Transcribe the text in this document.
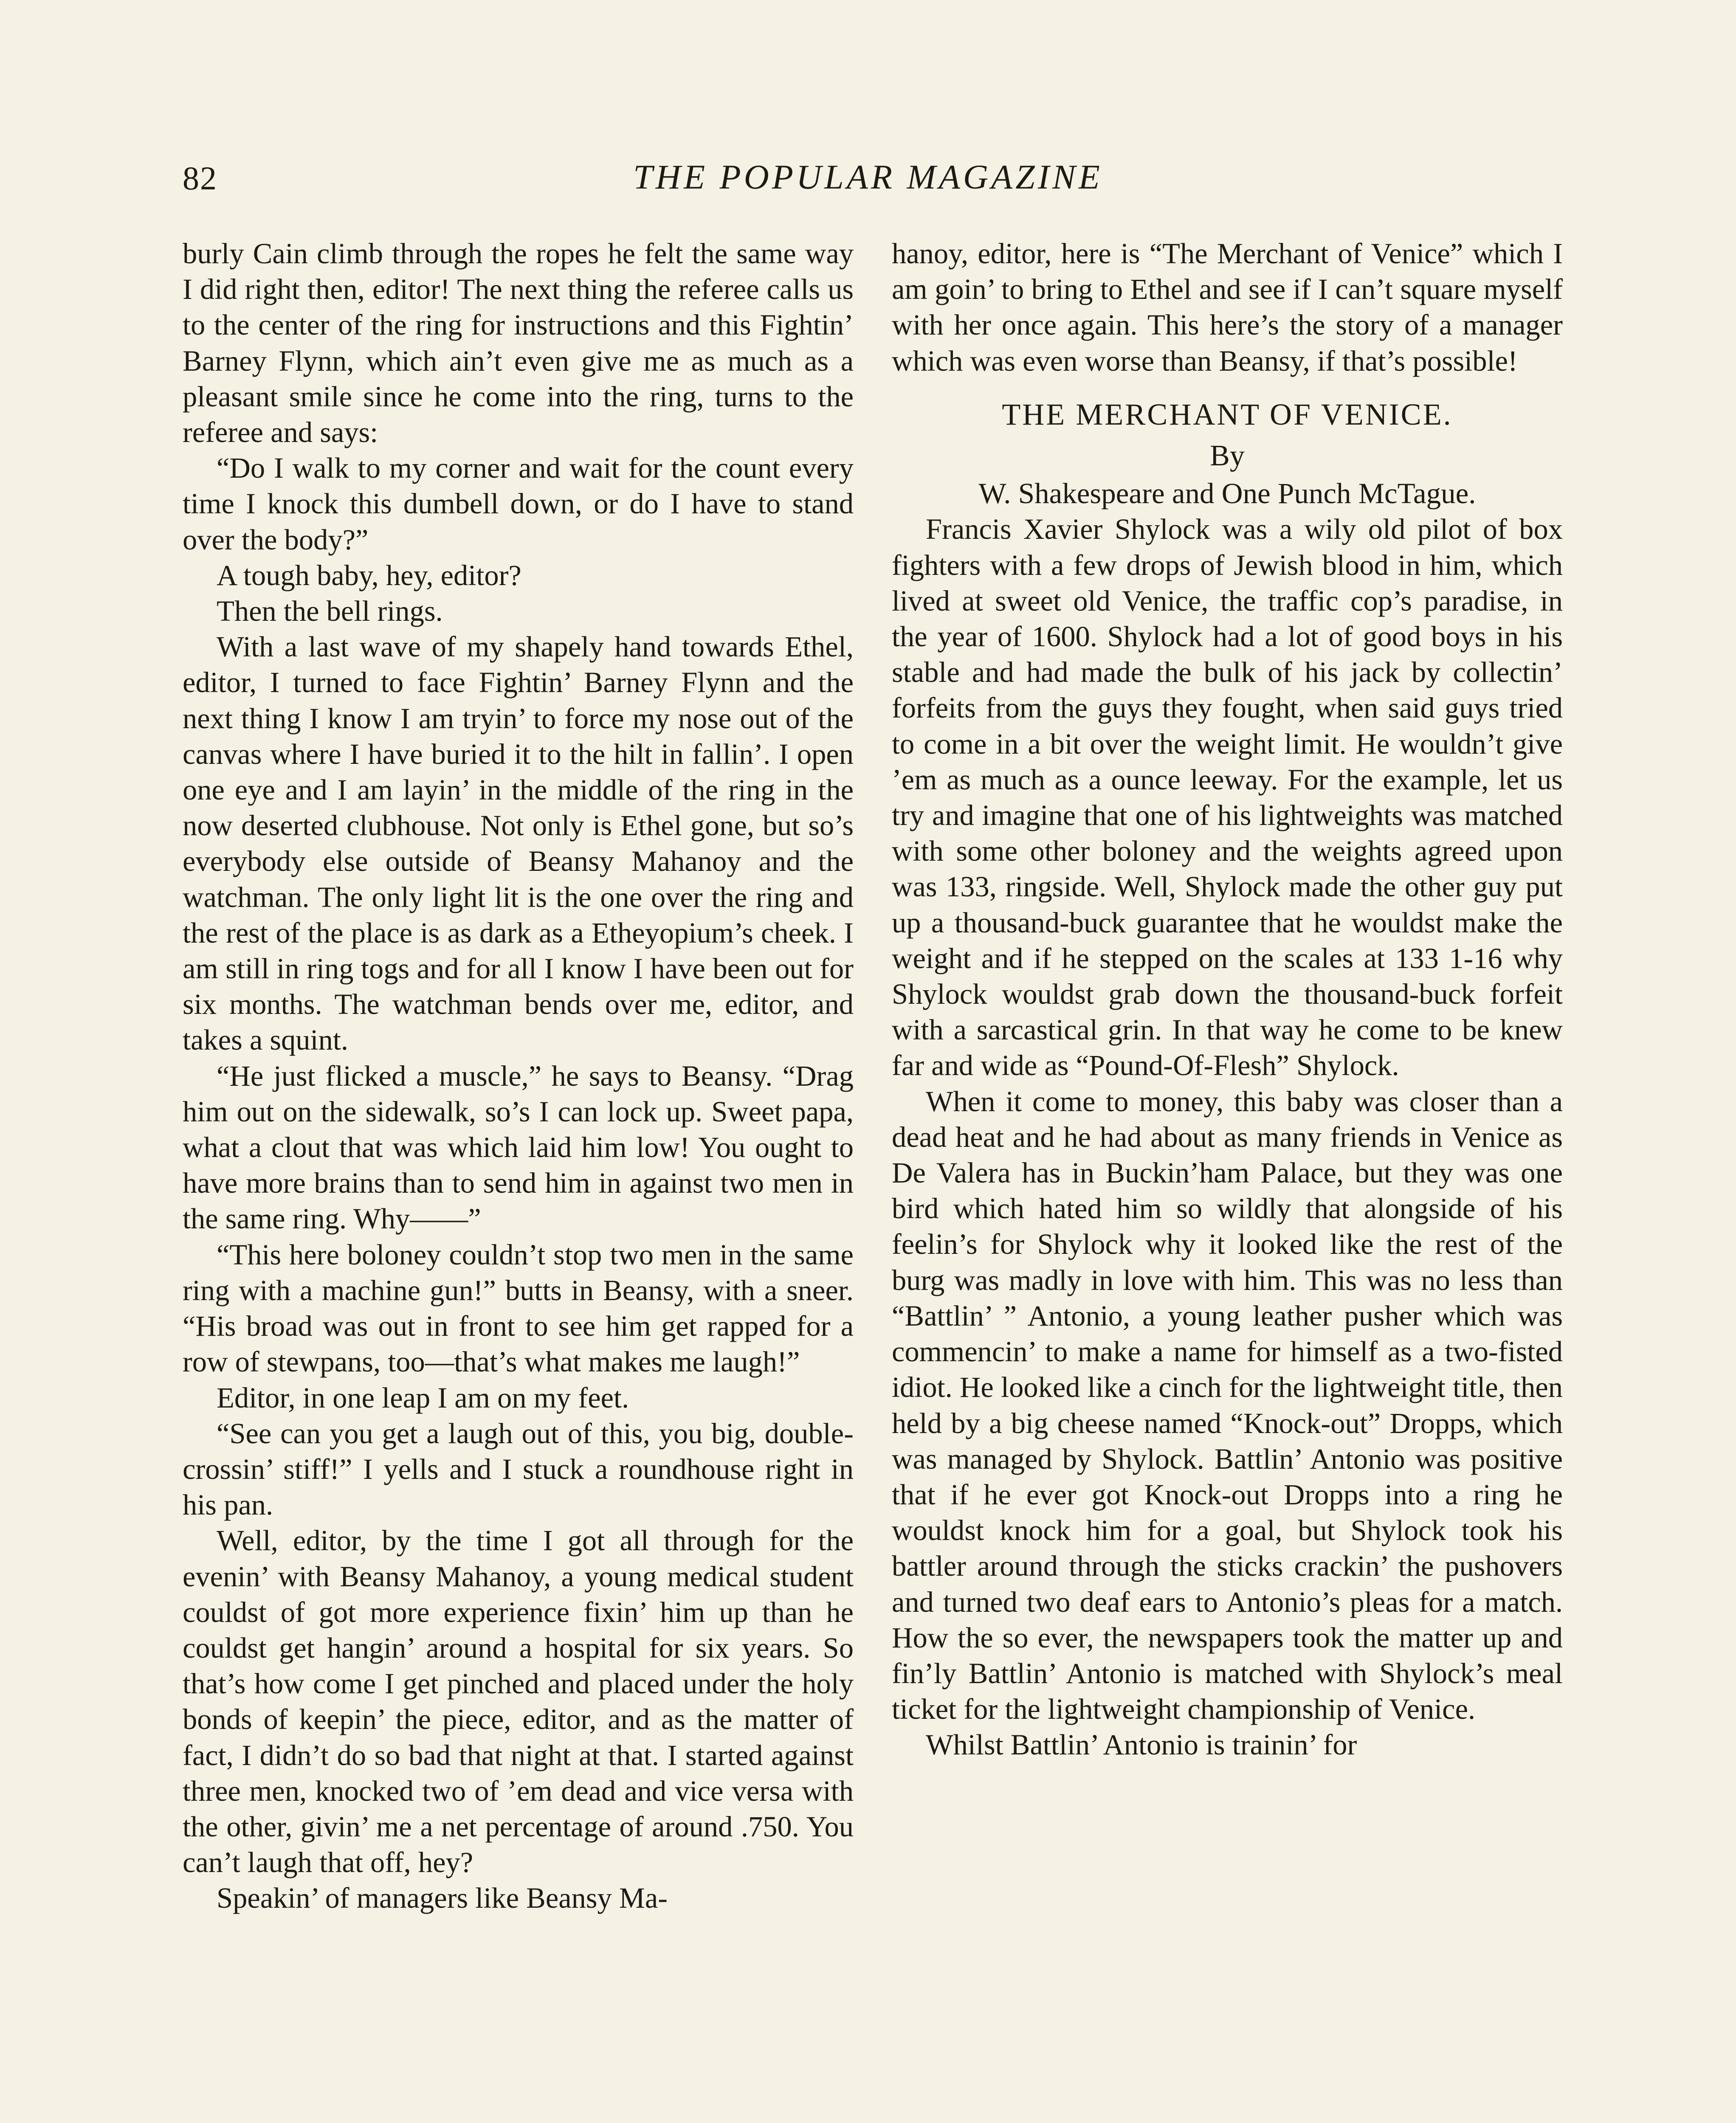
82	THE POPULAR MAGAZINE

burly Cain climb through the ropes he felt the same way I did right then, editor! The next thing the referee calls us to the center of the ring for instructions and this Fightin’ Barney Flynn, which ain’t even give me as much as a pleasant smile since he come into the ring, turns to the referee and says:

“Do I walk to my corner and wait for the count every time I knock this dumbell down, or do I have to stand over the body?”

A tough baby, hey, editor?

Then the bell rings.

With a last wave of my shapely hand towards Ethel, editor, I turned to face Fightin’ Barney Flynn and the next thing I know I am tryin’ to force my nose out of the canvas where I have buried it to the hilt in fallin’. I open one eye and I am layin’ in the middle of the ring in the now deserted clubhouse. Not only is Ethel gone, but so’s everybody else outside of Beansy Mahanoy and the watchman. The only light lit is the one over the ring and the rest of the place is as dark as a Etheyopium’s cheek. I am still in ring togs and for all I know I have been out for six months. The watchman bends over me, editor, and takes a squint.

“He just flicked a muscle,” he says to Beansy. “Drag him out on the sidewalk, so’s I can lock up. Sweet papa, what a clout that was which laid him low! You ought to have more brains than to send him in against two men in the same ring. Why——”

“This here boloney couldn’t stop two men in the same ring with a machine gun!” butts in Beansy, with a sneer. “His broad was out in front to see him get rapped for a row of stewpans, too—that’s what makes me laugh!”

Editor, in one leap I am on my feet.

“See can you get a laugh out of this, you big, double-crossin’ stiff!” I yells and I stuck a roundhouse right in his pan.

Well, editor, by the time I got all through for the evenin’ with Beansy Mahanoy, a young medical student couldst of got more experience fixin’ him up than he couldst get hangin’ around a hospital for six years. So that’s how come I get pinched and placed under the holy bonds of keepin’ the piece, editor, and as the matter of fact, I didn’t do so bad that night at that. I started against three men, knocked two of ’em dead and vice versa with the other, givin’ me a net percentage of around .750. You can’t laugh that off, hey?

Speakin’ of managers like Beansy Ma-

hanoy, editor, here is “The Merchant of Venice” which I am goin’ to bring to Ethel and see if I can’t square myself with her once again. This here’s the story of a manager which was even worse than Beansy, if that’s possible!

THE MERCHANT OF VENICE.

By

W. Shakespeare and One Punch McTague.

Francis Xavier Shylock was a wily old pilot of box fighters with a few drops of Jewish blood in him, which lived at sweet old Venice, the traffic cop’s paradise, in the year of 1600. Shylock had a lot of good boys in his stable and had made the bulk of his jack by collectin’ forfeits from the guys they fought, when said guys tried to come in a bit over the weight limit. He wouldn’t give ’em as much as a ounce leeway. For the example, let us try and imagine that one of his lightweights was matched with some other boloney and the weights agreed upon was 133, ringside. Well, Shylock made the other guy put up a thousand-buck guarantee that he wouldst make the weight and if he stepped on the scales at 133 1-16 why Shylock wouldst grab down the thousand-buck forfeit with a sarcastical grin. In that way he come to be knew far and wide as “Pound-Of-Flesh” Shylock.

When it come to money, this baby was closer than a dead heat and he had about as many friends in Venice as De Valera has in Buckin’ham Palace, but they was one bird which hated him so wildly that alongside of his feelin’s for Shylock why it looked like the rest of the burg was madly in love with him. This was no less than “Battlin’ ” Antonio, a young leather pusher which was commencin’ to make a name for himself as a two-fisted idiot. He looked like a cinch for the lightweight title, then held by a big cheese named “Knock-out” Dropps, which was managed by Shylock. Battlin’ Antonio was positive that if he ever got Knock-out Dropps into a ring he wouldst knock him for a goal, but Shylock took his battler around through the sticks crackin’ the pushovers and turned two deaf ears to Antonio’s pleas for a match. How the so ever, the newspapers took the matter up and fin’ly Battlin’ Antonio is matched with Shylock’s meal ticket for the lightweight championship of Venice.

Whilst Battlin’ Antonio is trainin’ for
